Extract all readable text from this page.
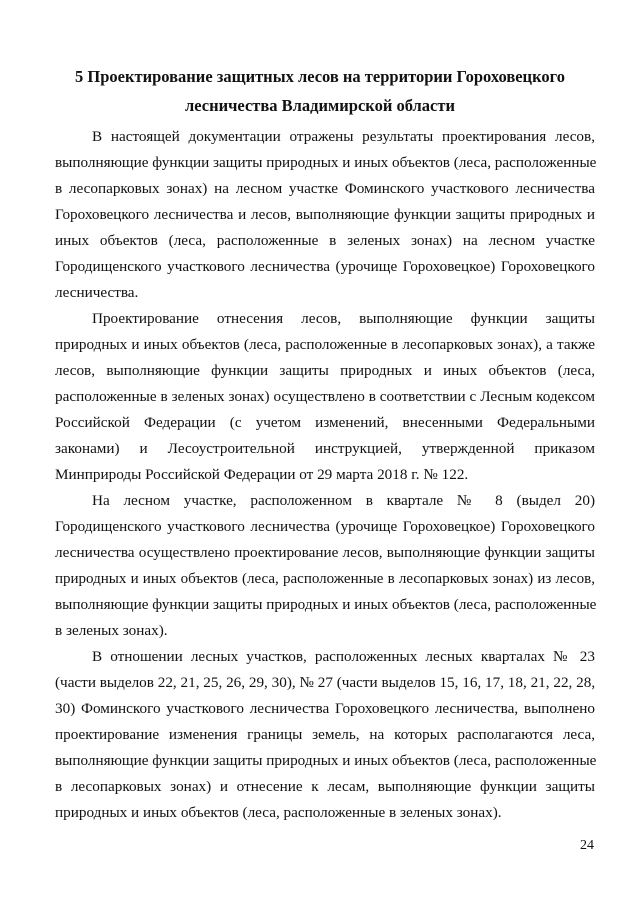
5 Проектирование защитных лесов на территории Гороховецкого
лесничества Владимирской области
В настоящей документации отражены результаты проектирования лесов,
выполняющие функции защиты природных и иных объектов (леса, расположенные
в лесопарковых зонах) на лесном участке Фоминского участкового лесничества
Гороховецкого лесничества и лесов, выполняющие функции защиты природных и
иных объектов (леса, расположенные в зеленых зонах) на лесном участке
Городищенского участкового лесничества (урочище Гороховецкое) Гороховецкого
лесничества.
Проектирование отнесения лесов, выполняющие функции защиты
природных и иных объектов (леса, расположенные в лесопарковых зонах), а также
лесов, выполняющие функции защиты природных и иных объектов (леса,
расположенные в зеленых зонах) осуществлено в соответствии с Лесным кодексом
Российской Федерации (с учетом изменений, внесенными Федеральными
законами) и Лесоустроительной инструкцией, утвержденной приказом
Минприроды Российской Федерации от 29 марта 2018 г. № 122.
На лесном участке, расположенном в квартале № 8 (выдел 20)
Городищенского участкового лесничества (урочище Гороховецкое) Гороховецкого
лесничества осуществлено проектирование лесов, выполняющие функции защиты
природных и иных объектов (леса, расположенные в лесопарковых зонах) из лесов,
выполняющие функции защиты природных и иных объектов (леса, расположенные
в зеленых зонах).
В отношении лесных участков, расположенных лесных кварталах № 23
(части выделов 22, 21, 25, 26, 29, 30), № 27 (части выделов 15, 16, 17, 18, 21, 22, 28,
30) Фоминского участкового лесничества Гороховецкого лесничества, выполнено
проектирование изменения границы земель, на которых располагаются леса,
выполняющие функции защиты природных и иных объектов (леса, расположенные
в лесопарковых зонах) и отнесение к лесам, выполняющие функции защиты
природных и иных объектов (леса, расположенные в зеленых зонах).
24
